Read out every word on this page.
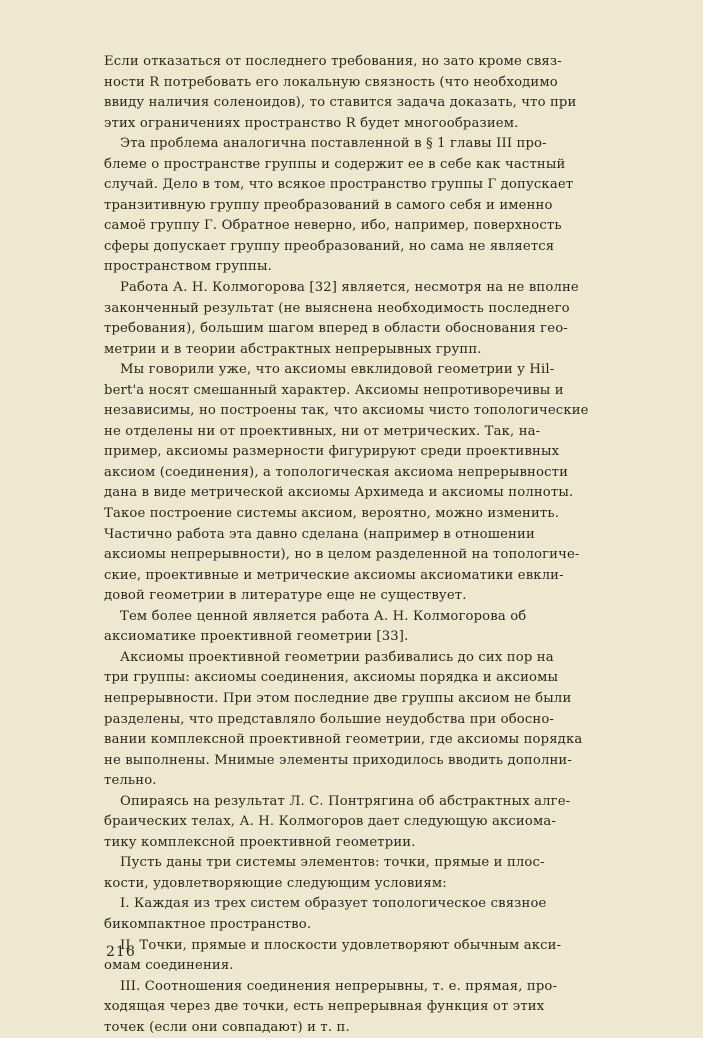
Если отказаться от последнего требования, но зато кроме связ-
ности R потребовать его локальную связность (что необходимо
ввиду наличия соленоидов), то ставится задача доказать, что при
этих ограничениях пространство R будет многообразием.
Эта проблема аналогична поставленной в § 1 главы III про-
блеме о пространстве группы и содержит ее в себе как частный
случай. Дело в том, что всякое пространство группы Г допускает
транзитивную группу преобразований в самого себя и именно
самоё группу Г. Обратное неверно, ибо, например, поверхность
сферы допускает группу преобразований, но сама не является
пространством группы.
Работа А. Н. Колмогорова [32] является, несмотря на не вполне
законченный результат (не выяснена необходимость последнего
требования), большим шагом вперед в области обоснования гео-
метрии и в теории абстрактных непрерывных групп.
Мы говорили уже, что аксиомы евклидовой геометрии у Hil-
bert'а носят смешанный характер. Аксиомы непротиворечивы и
независимы, но построены так, что аксиомы чисто топологические
не отделены ни от проективных, ни от метрических. Так, на-
пример, аксиомы размерности фигурируют среди проективных
аксиом (соединения), а топологическая аксиома непрерывности
дана в виде метрической аксиомы Архимеда и аксиомы полноты.
Такое построение системы аксиом, вероятно, можно изменить.
Частично работа эта давно сделана (например в отношении
аксиомы непрерывности), но в целом разделенной на топологиче-
ские, проективные и метрические аксиомы аксиоматики евкли-
довой геометрии в литературе еще не существует.
Тем более ценной является работа А. Н. Колмогорова об
аксиоматике проективной геометрии [33].
Аксиомы проективной геометрии разбивались до сих пор на
три группы: аксиомы соединения, аксиомы порядка и аксиомы
непрерывности. При этом последние две группы аксиом не были
разделены, что представляло большие неудобства при обосно-
вании комплексной проективной геометрии, где аксиомы порядка
не выполнены. Мнимые элементы приходилось вводить дополни-
тельно.
Опираясь на результат Л. С. Понтрягина об абстрактных алге-
браических телах, А. Н. Колмогоров дает следующую аксиома-
тику комплексной проективной геометрии.
Пусть даны три системы элементов: точки, прямые и плос-
кости, удовлетворяющие следующим условиям:
I. Каждая из трех систем образует топологическое связное
бикомпактное пространство.
II. Точки, прямые и плоскости удовлетворяют обычным акси-
омам соединения.
III. Соотношения соединения непрерывны, т. е. прямая, про-
ходящая через две точки, есть непрерывная функция от этих
точек (если они совпадают) и т. п.
216
